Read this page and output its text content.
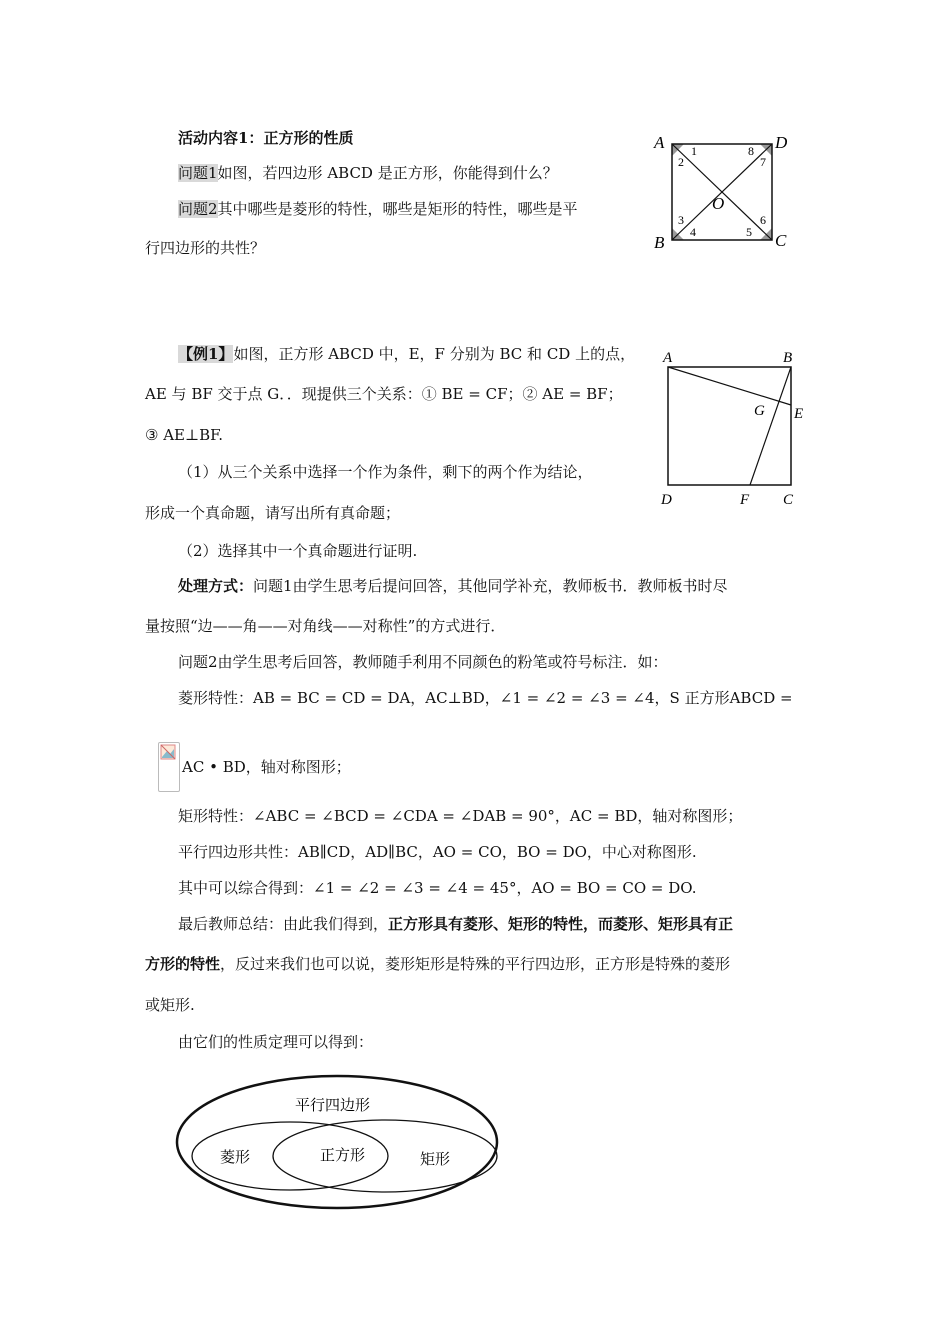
活动内容1：正方形的性质
问题1如图，若四边形 ABCD 是正方形，你能得到什么？
问题2其中哪些是菱形的特性，哪些是矩形的特性，哪些是平
行四边形的共性？
A	D
B	C
O
1
2
3
4	5
6
7
8
【例1】如图，正方形 ABCD 中，E，F 分别为 BC 和 CD 上的点，
AE 与 BF 交于点 G．．现提供三个关系：① BE = CF；② AE = BF；
③ AE⊥BF.
（1）从三个关系中选择一个作为条件，剩下的两个作为结论，
形成一个真命题，请写出所有真命题；
（2）选择其中一个真命题进行证明.
A	B
E
G
D	F C
处理方式：问题1由学生思考后提问回答，其他同学补充，教师板书．教师板书时尽
量按照“边——角——对角线——对称性”的方式进行．
问题2由学生思考后回答，教师随手利用不同颜色的粉笔或符号标注．如：
菱形特性：AB = BC = CD = DA，AC⊥BD，∠1 = ∠2 = ∠3 = ∠4，S 正方形ABCD =
AC • BD，轴对称图形；
矩形特性：∠ABC = ∠BCD = ∠CDA = ∠DAB = 90°，AC = BD，轴对称图形；
平行四边形共性：AB∥CD，AD∥BC，AO = CO，BO = DO，中心对称图形.
其中可以综合得到：∠1 = ∠2 = ∠3 = ∠4 = 45°，AO = BO = CO = DO.
最后教师总结：由此我们得到，正方形具有菱形、矩形的特性，而菱形、矩形具有正
方形的特性，反过来我们也可以说，菱形矩形是特殊的平行四边形，正方形是特殊的菱形
或矩形.
由它们的性质定理可以得到：
平行四边形
菱形	正方形	矩形
